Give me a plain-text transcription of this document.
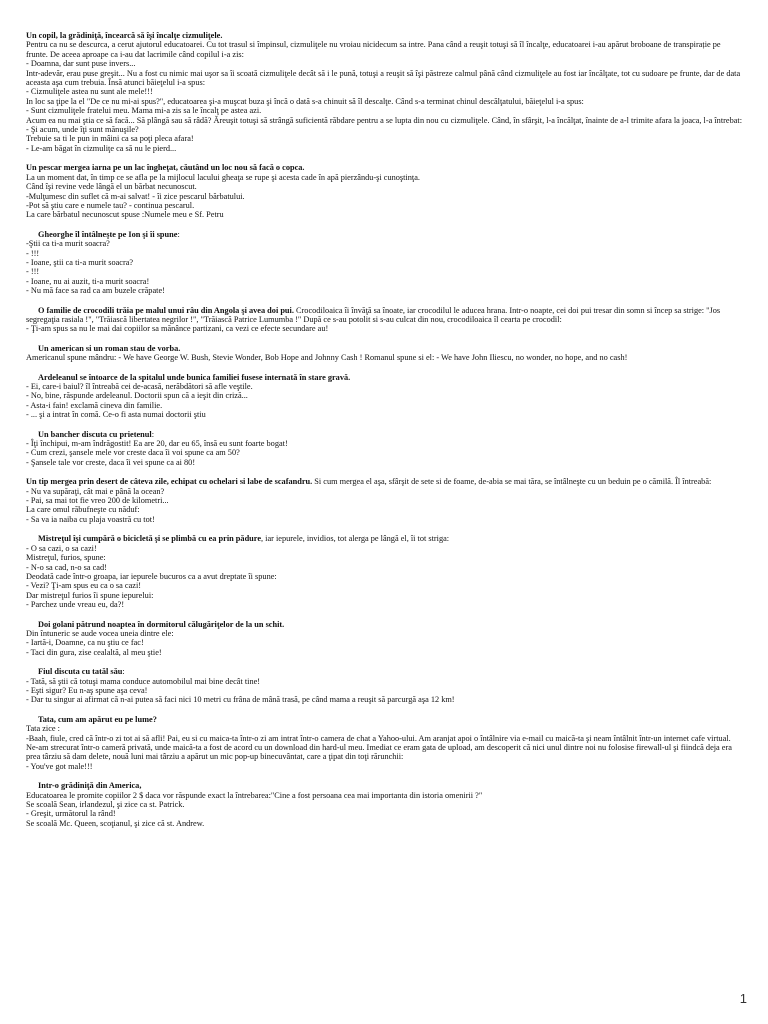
Un copil, la grădiniţă, încearcă să îşi încalţe cizmuliţele.

Pentru ca nu se descurca, a cerut ajutorul educatoarei. Cu tot trasul si împinsul, cizmuliţele nu vroiau nicidecum sa intre. Pana când a reuşit totuşi să îl încalţe, educatoarei i-au apărut broboane de transpirație pe frunte. De aceea aproape ca i-au dat lacrimile când copilul i-a zis:

- Doamna, dar sunt puse invers...

Intr-adevăr, erau puse greşit... Nu a fost cu nimic mai uşor sa îi scoată cizmuliţele decât să i le pună, totuşi a reuşit să îşi păstreze calmul până când cizmuliţele au fost iar încălţate, tot cu sudoare pe frunte, dar de data aceasta aşa cum trebuia. Însă atunci băieţelul i-a spus:

- Cizmuliţele astea nu sunt ale mele!!!

In loc sa ţipe la el "De ce nu mi-ai spus?", educatoarea şi-a muşcat buza şi încă o dată s-a chinuit să îl descalţe. Când s-a terminat chinul descălţatului, băieţelul i-a spus:

- Sunt cizmuliţele fratelui meu. Mama mi-a zis sa le încalţ pe astea azi.

Acum ea nu mai ştia ce să facă... Să plângă sau să râdă? Ăreuşit totuşi să strângă suficientă răbdare pentru a se lupta din nou cu cizmuliţele. Când, în sfârşit, l-a încălţat, înainte de a-l trimite afara la joaca, l-a întrebat:

- Şi acum, unde îţi sunt mănuşile?

Trebuie sa ti le pun in mâini ca sa poţi pleca afara!

- Le-am băgat în cizmuliţe ca să nu le pierd...

Un pescar mergea iarna pe un lac îngheţat, căutând un loc nou să facă o copca.

La un moment dat, în timp ce se afla pe la mijlocul lacului gheaţa se rupe şi acesta cade în apă pierzându-şi cunoştinţa.

Când îşi revine vede lângă el un bărbat necunoscut.

-Mulţumesc din suflet că m-ai salvat! - îi zice pescarul bărbatului.

-Pot să ştiu care e numele tau? - continua pescarul.

La care bărbatul necunoscut spuse :Numele meu e Sf. Petru

Gheorghe îl întâlneşte pe Ion şi îi spune:

-Ştii ca ti-a murit soacra?

- !!!

- Ioane, ştii ca ti-a murit soacra?

- !!!

- Ioane, nu ai auzit, ti-a murit soacra!

- Nu mă face sa rad ca am buzele crăpate!

O familie de crocodili trăia pe malul unui râu din Angola şi avea doi pui. Crocodiloaica îi învăţă sa înoate, iar crocodilul le aducea hrana. Intr-o noapte, cei doi pui tresar din somn si încep sa strige: "Jos segregaţia rasiala !", "Trăiască libertatea negrilor !", "Trăiască Patrice Lumumba !" După ce s-au potolit si s-au culcat din nou, crocodiloaica îl cearta pe crocodil:

- Ţi-am spus sa nu le mai dai copiilor sa mănânce partizani, ca vezi ce efecte secundare au!

Un american si un roman stau de vorba.

Americanul spune mândru: - We have George W. Bush, Stevie Wonder, Bob Hope and Johnny Cash ! Romanul spune si el: - We have John Iliescu, no wonder, no hope, and no cash!

Ardeleanul se întoarce de la spitalul unde bunica familiei fusese internată în stare gravă.

- Ei, care-i baiul? îl întreabă cei de-acasă, nerăbdători să afle veştile.

- No, bine, răspunde ardeleanul. Doctorii spun că a ieşit din criză...

- Asta-i fain! exclamă cineva din familie.

- ... şi a intrat în comă. Ce-o fi asta numai doctorii ştiu

Un bancher discuta cu prietenul:

- Îţi închipui, m-am îndrăgostit! Ea are 20, dar eu 65, însă eu sunt foarte bogat!

- Cum crezi, şansele mele vor creste daca îi voi spune ca am 50?

- Şansele tale vor creste, daca îi vei spune ca ai 80!

Un tip mergea prin desert de câteva zile, echipat cu ochelari si labe de scafandru. Si cum mergea el aşa, sfârşit de sete si de foame, de-abia se mai tăra, se întâlneşte cu un beduin pe o cămilă. Îl întreabă:

- Nu va supăraţi, cât mai e până la ocean?

- Pai, sa mai tot fie vreo 200 de kilometri...

La care omul răbufneşte cu năduf:

- Sa va ia naiba cu plaja voastră cu tot!

Mistreţul îşi cumpără o bicicletă şi se plimbă cu ea prin pădure, iar iepurele, invidios, tot alerga pe lângă el, îi tot striga:

- O sa cazi, o sa cazi!

Mistreţul, furios, spune:

- N-o sa cad, n-o sa cad!

Deodată cade într-o groapa, iar iepurele bucuros ca a avut dreptate îi spune:

- Vezi? Ţi-am spus eu ca o sa cazi!

Dar mistreţul furios îi spune iepurelui:

- Parchez unde vreau eu, da?!

Doi golani pătrund noaptea în dormitorul călugăriţelor de la un schit.

Din întuneric se aude vocea uneia dintre ele:

- Iartă-i, Doamne, ca nu ştiu ce fac!

- Taci din gura, zise cealaltă, al meu ştie!

Fiul discuta cu tatăl său:

- Tată, să ştii că totuşi mama conduce automobilul mai bine decât tine!

- Eşti sigur? Eu n-aş spune aşa ceva!

- Dar tu singur ai afirmat că n-ai putea să faci nici 10 metri cu frâna de mână trasă, pe când mama a reuşit să parcurgă aşa 12 km!

Tata, cum am apărut eu pe lume?

Tata zice :

-Baah, fiule, cred că într-o zi tot ai să afli! Pai, eu si cu maica-ta într-o zi am intrat într-o camera de chat a Yahoo-ului. Am aranjat apoi o întâlnire via e-mail cu maică-ta şi neam întâlnit într-un internet cafe virtual. Ne-am strecurat într-o cameră privată, unde maică-ta a fost de acord cu un download din hard-ul meu. Imediat ce eram gata de upload, am descoperit că nici unul dintre noi nu folosise firewall-ul şi fiindcă deja era prea târziu să dam delete, nouă luni mai târziu a apărut un mic pop-up binecuvântat, care a ţipat din toţi rărunchii:

- You've got male!!!

Intr-o grădiniţă din America,

Educatoarea le promite copiilor 2 $ daca vor răspunde exact la întrebarea:"Cine a fost persoana cea mai importanta din istoria omenirii ?"

Se scoală Sean, irlandezul, şi zice ca st. Patrick.

- Greşit, următorul la rând!

Se scoală Mc. Queen, scoţianul, şi zice că st. Andrew.

1
